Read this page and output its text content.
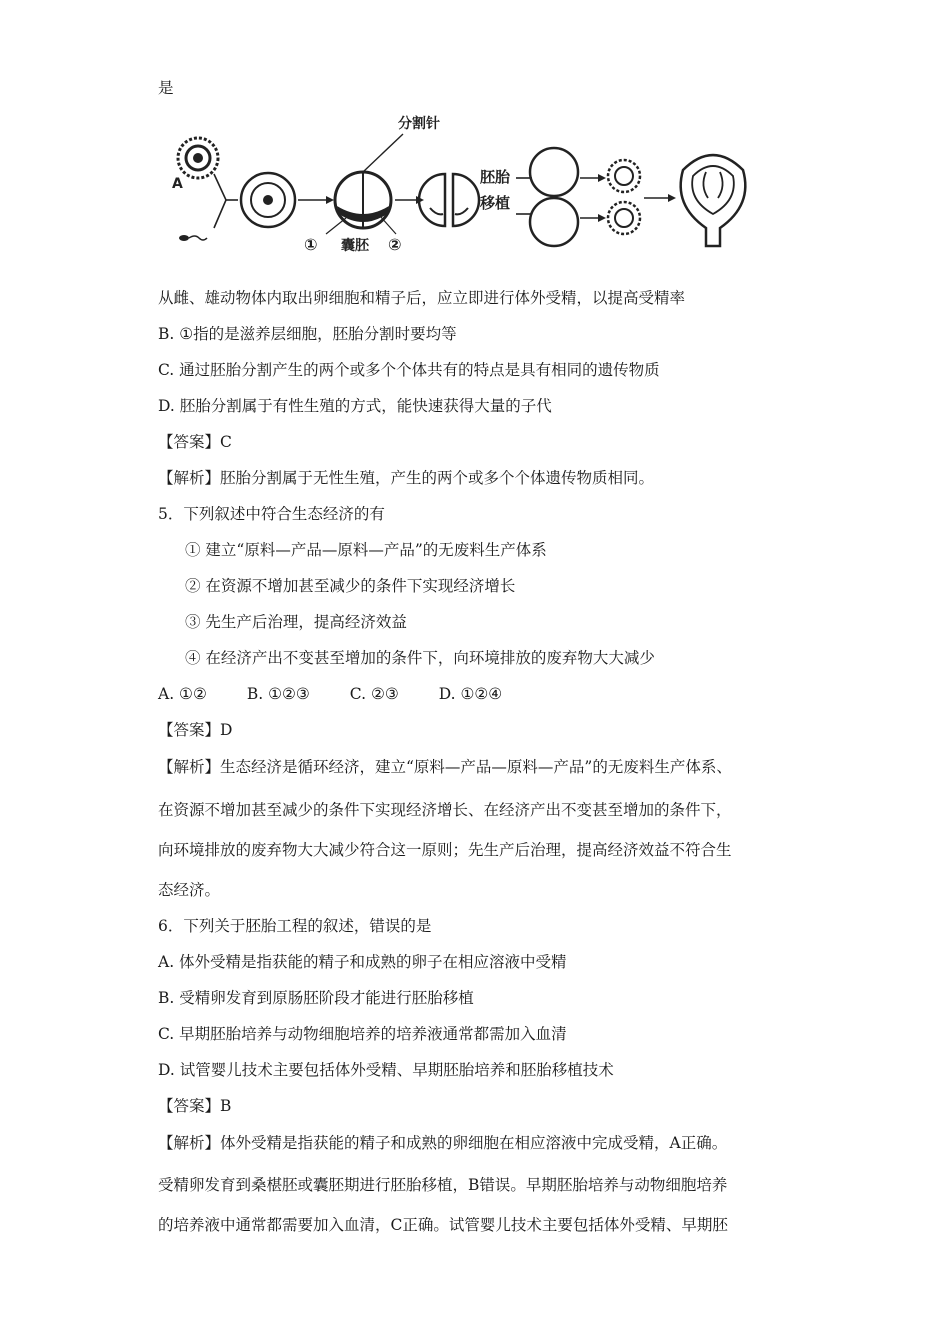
是
A
分割针
① 囊胚 ②
胚胎
移植
从雌、雄动物体内取出卵细胞和精子后，应立即进行体外受精，以提高受精率
B. ①指的是滋养层细胞，胚胎分割时要均等
C. 通过胚胎分割产生的两个或多个个体共有的特点是具有相同的遗传物质
D. 胚胎分割属于有性生殖的方式，能快速获得大量的子代
【答案】C
【解析】胚胎分割属于无性生殖，产生的两个或多个个体遗传物质相同。
5．下列叙述中符合生态经济的有
① 建立“原料—产品—原料—产品”的无废料生产体系
② 在资源不增加甚至减少的条件下实现经济增长
③ 先生产后治理，提高经济效益
④ 在经济产出不变甚至增加的条件下，向环境排放的废弃物大大减少
A. ①②	B. ①②③	C. ②③	D. ①②④
【答案】D
【解析】生态经济是循环经济，建立“原料—产品—原料—产品”的无废料生产体系、
在资源不增加甚至减少的条件下实现经济增长、在经济产出不变甚至增加的条件下，
向环境排放的废弃物大大减少符合这一原则；先生产后治理，提高经济效益不符合生
态经济。
6．下列关于胚胎工程的叙述，错误的是
A. 体外受精是指获能的精子和成熟的卵子在相应溶液中受精
B. 受精卵发育到原肠胚阶段才能进行胚胎移植
C. 早期胚胎培养与动物细胞培养的培养液通常都需加入血清
D. 试管婴儿技术主要包括体外受精、早期胚胎培养和胚胎移植技术
【答案】B
【解析】体外受精是指获能的精子和成熟的卵细胞在相应溶液中完成受精，A正确。
受精卵发育到桑椹胚或囊胚期进行胚胎移植，B错误。早期胚胎培养与动物细胞培养
的培养液中通常都需要加入血清，C正确。试管婴儿技术主要包括体外受精、早期胚
